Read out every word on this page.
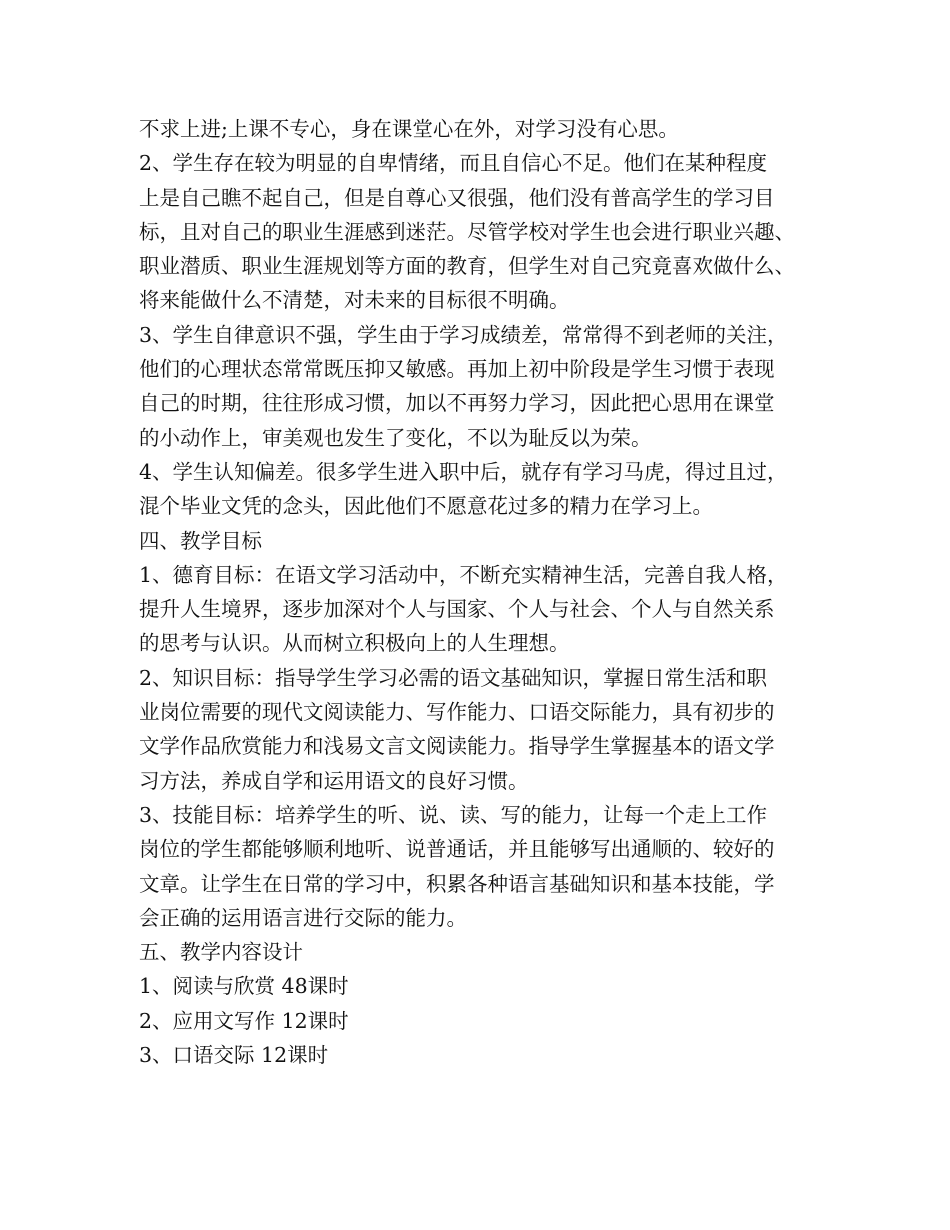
不求上进;上课不专心，身在课堂心在外，对学习没有心思。
2、学生存在较为明显的自卑情绪，而且自信心不足。他们在某种程度
上是自己瞧不起自己，但是自尊心又很强，他们没有普高学生的学习目
标，且对自己的职业生涯感到迷茫。尽管学校对学生也会进行职业兴趣、
职业潜质、职业生涯规划等方面的教育，但学生对自己究竟喜欢做什么、
将来能做什么不清楚，对未来的目标很不明确。
3、学生自律意识不强，学生由于学习成绩差，常常得不到老师的关注，
他们的心理状态常常既压抑又敏感。再加上初中阶段是学生习惯于表现
自己的时期，往往形成习惯，加以不再努力学习，因此把心思用在课堂
的小动作上，审美观也发生了变化，不以为耻反以为荣。
4、学生认知偏差。很多学生进入职中后，就存有学习马虎，得过且过，
混个毕业文凭的念头，因此他们不愿意花过多的精力在学习上。
四、教学目标
1、德育目标：在语文学习活动中，不断充实精神生活，完善自我人格，
提升人生境界，逐步加深对个人与国家、个人与社会、个人与自然关系
的思考与认识。从而树立积极向上的人生理想。
2、知识目标：指导学生学习必需的语文基础知识，掌握日常生活和职
业岗位需要的现代文阅读能力、写作能力、口语交际能力，具有初步的
文学作品欣赏能力和浅易文言文阅读能力。指导学生掌握基本的语文学
习方法，养成自学和运用语文的良好习惯。
3、技能目标：培养学生的听、说、读、写的能力，让每一个走上工作
岗位的学生都能够顺利地听、说普通话，并且能够写出通顺的、较好的
文章。让学生在日常的学习中，积累各种语言基础知识和基本技能，学
会正确的运用语言进行交际的能力。
五、教学内容设计
1、阅读与欣赏 48课时
2、应用文写作 12课时
3、口语交际 12课时
